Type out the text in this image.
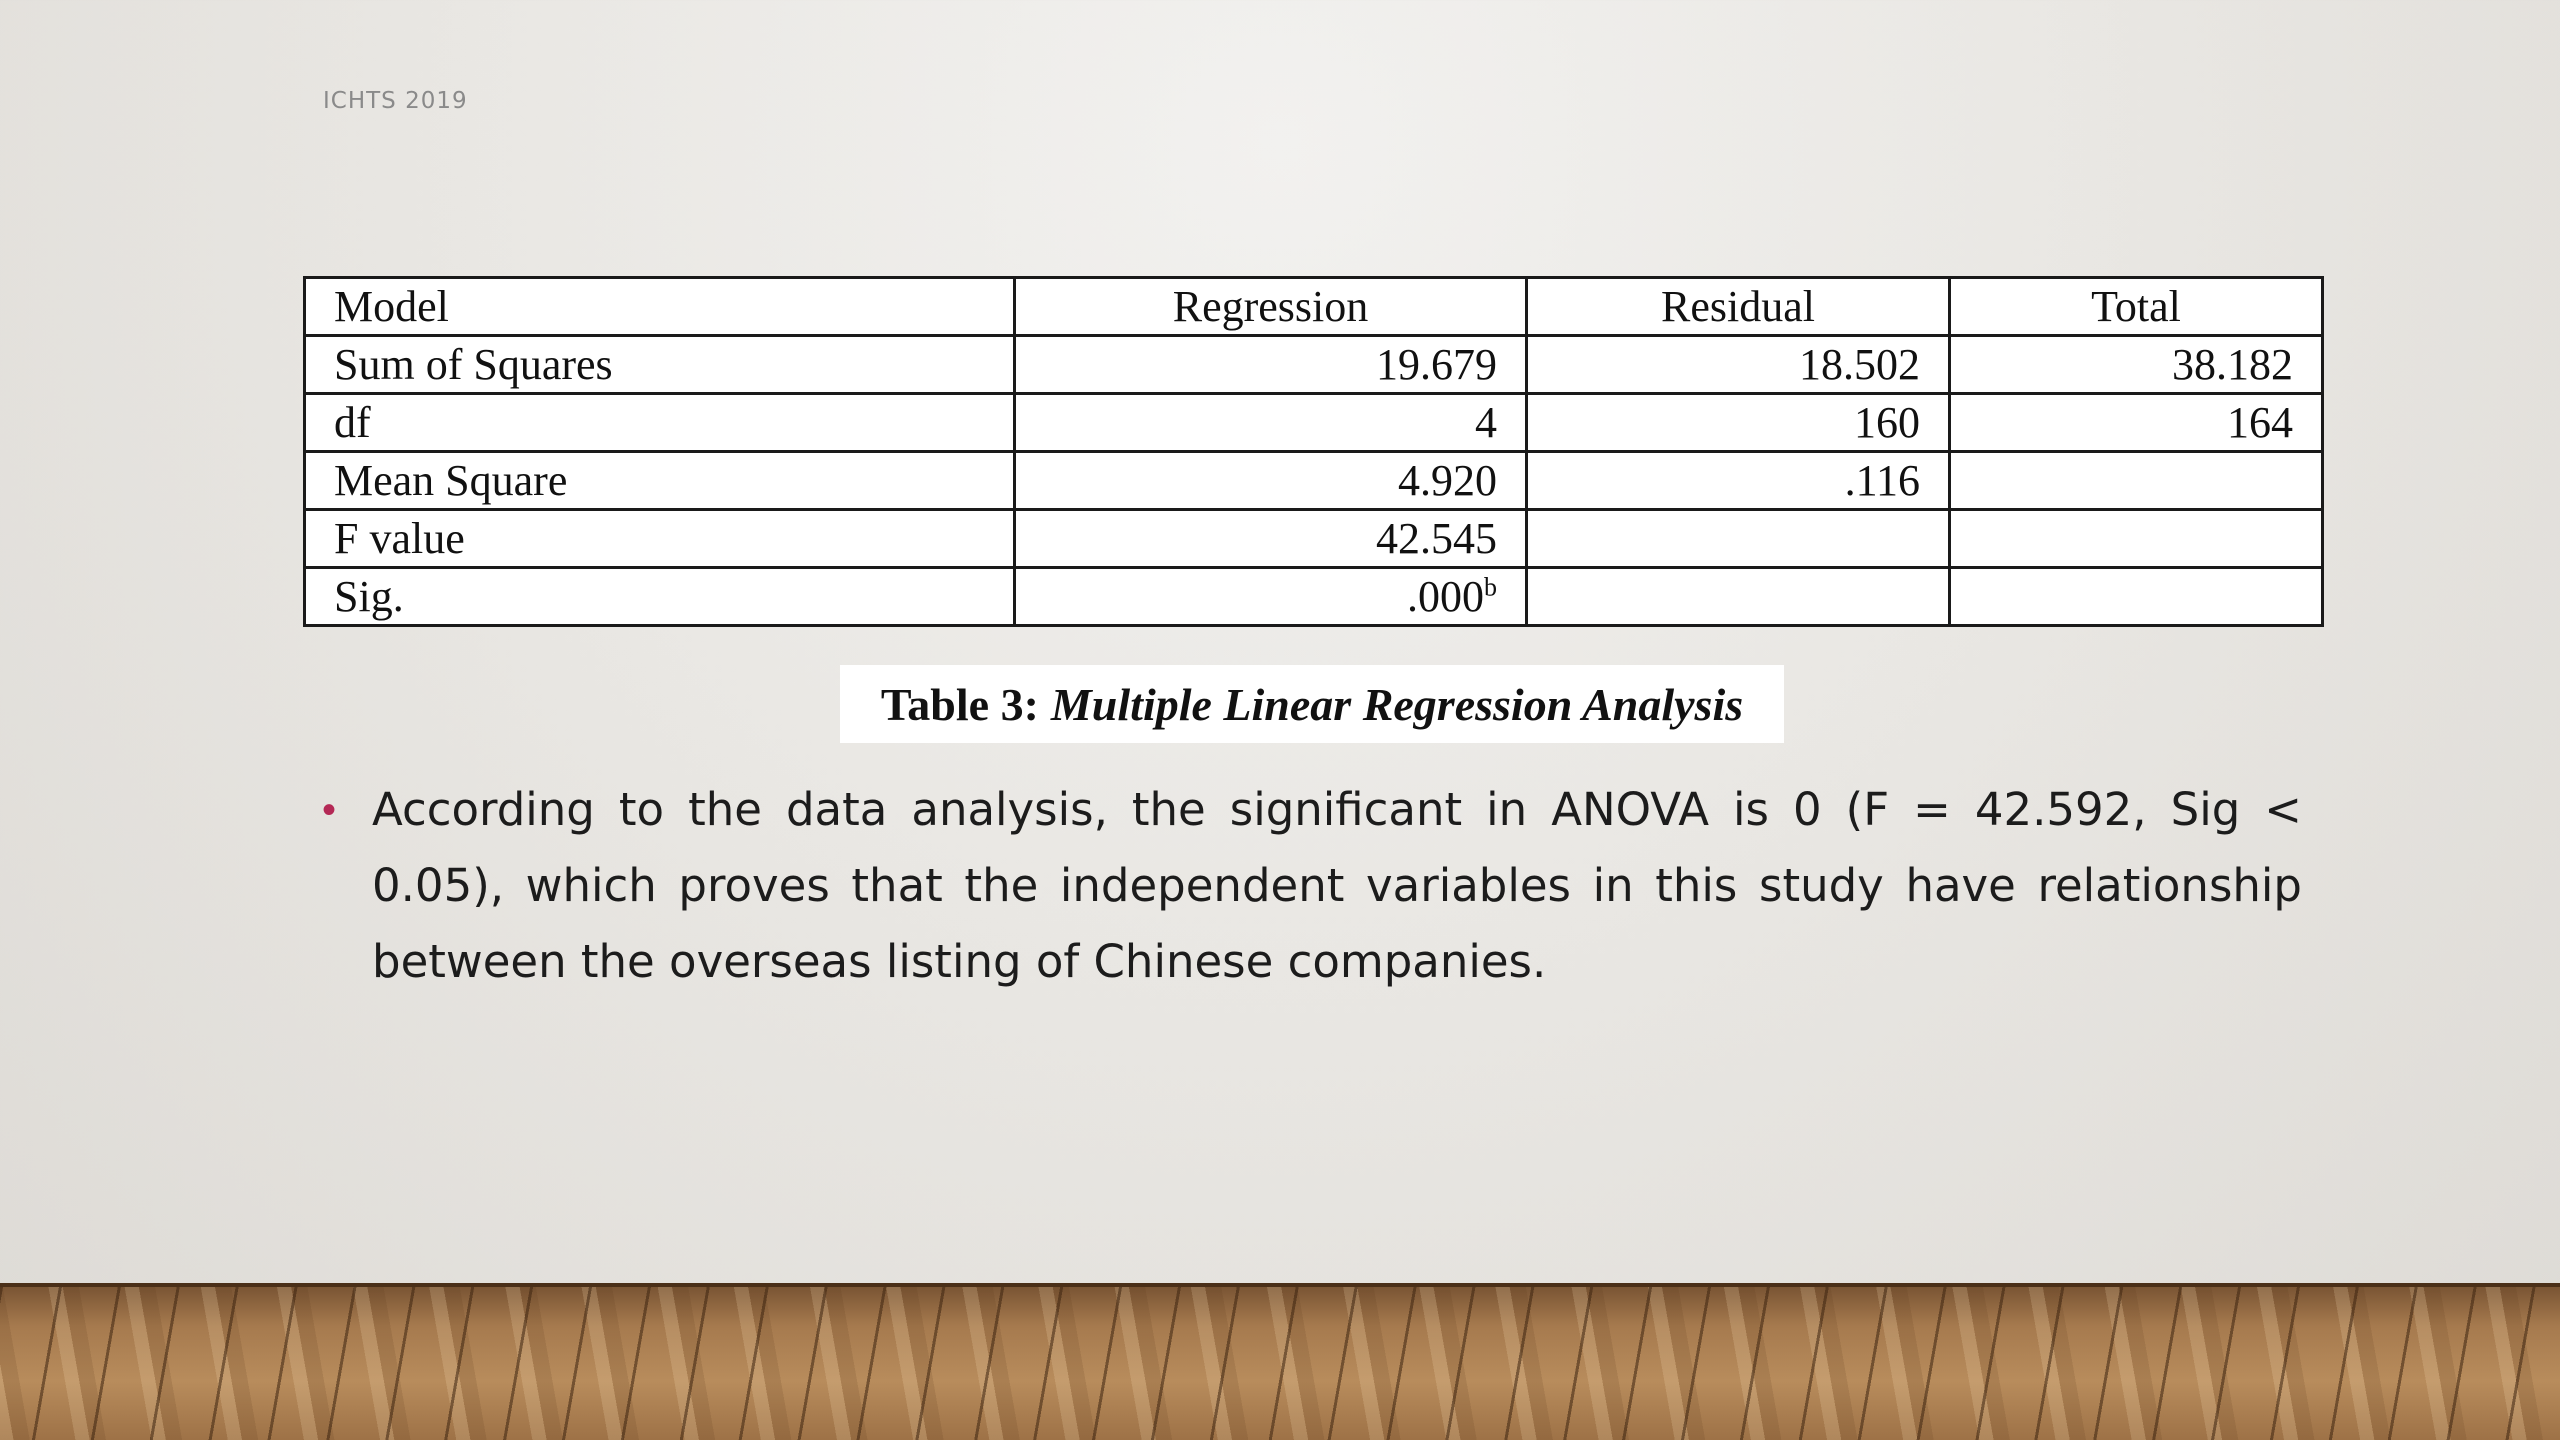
ICHTS 2019
Model	Regression	Residual	Total
Sum of Squares	19.679	18.502	38.182
df	4	160	164
Mean Square	4.920	.116	
F value	42.545		
Sig.	.000$^b$		
Table 3: Multiple Linear Regression Analysis
• According to the data analysis, the significant in ANOVA is 0 (F = 42.592, Sig < 0.05), which proves that the independent variables in this study have relationship between the overseas listing of Chinese companies.
